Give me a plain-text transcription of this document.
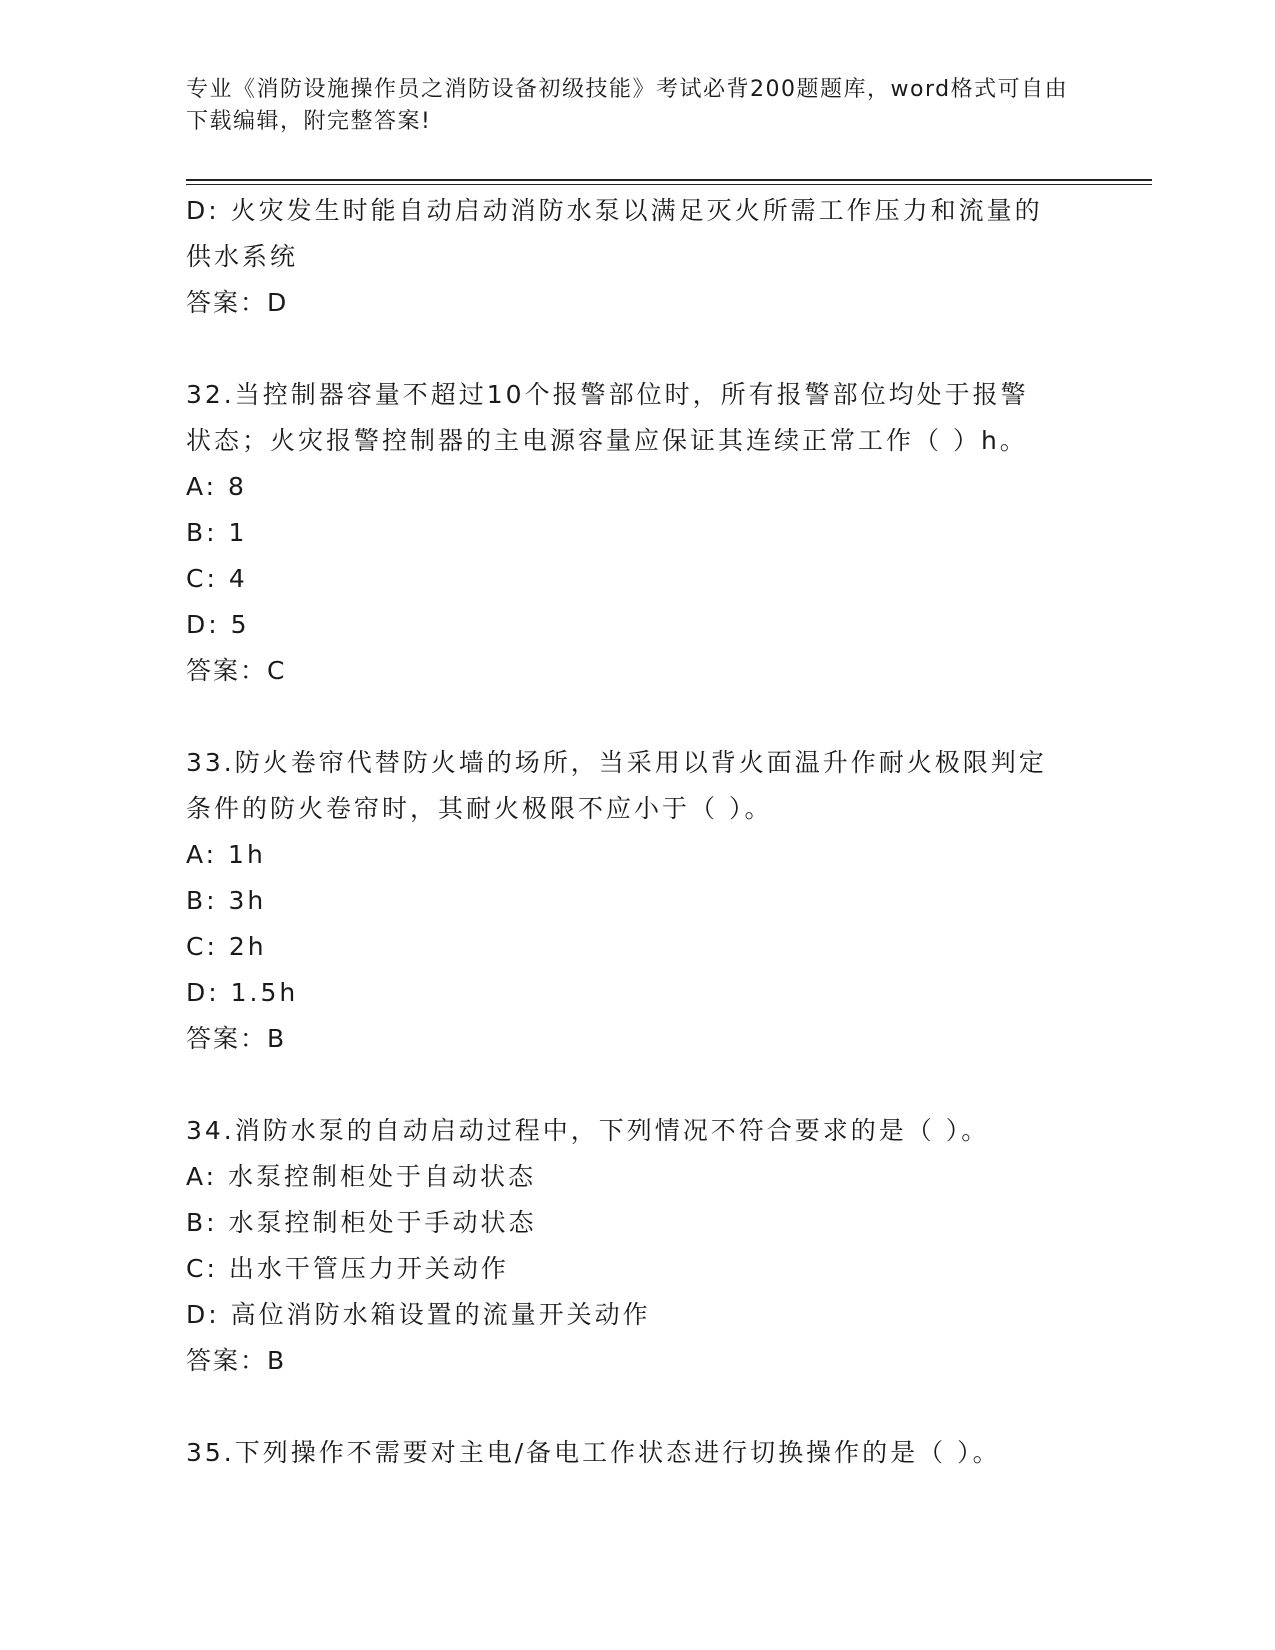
专业《消防设施操作员之消防设备初级技能》考试必背200题题库，word格式可自由下载编辑，附完整答案!
D: 火灾发生时能自动启动消防水泵以满足灭火所需工作压力和流量的
供水系统
答案：D
32.当控制器容量不超过10个报警部位时，所有报警部位均处于报警
状态；火灾报警控制器的主电源容量应保证其连续正常工作（ ）h。
A: 8
B: 1
C: 4
D: 5
答案：C
33.防火卷帘代替防火墙的场所，当采用以背火面温升作耐火极限判定
条件的防火卷帘时，其耐火极限不应小于（ ）。
A: 1h
B: 3h
C: 2h
D: 1.5h
答案：B
34.消防水泵的自动启动过程中，下列情况不符合要求的是（ ）。
A: 水泵控制柜处于自动状态
B: 水泵控制柜处于手动状态
C: 出水干管压力开关动作
D: 高位消防水箱设置的流量开关动作
答案：B
35.下列操作不需要对主电/备电工作状态进行切换操作的是（ ）。
